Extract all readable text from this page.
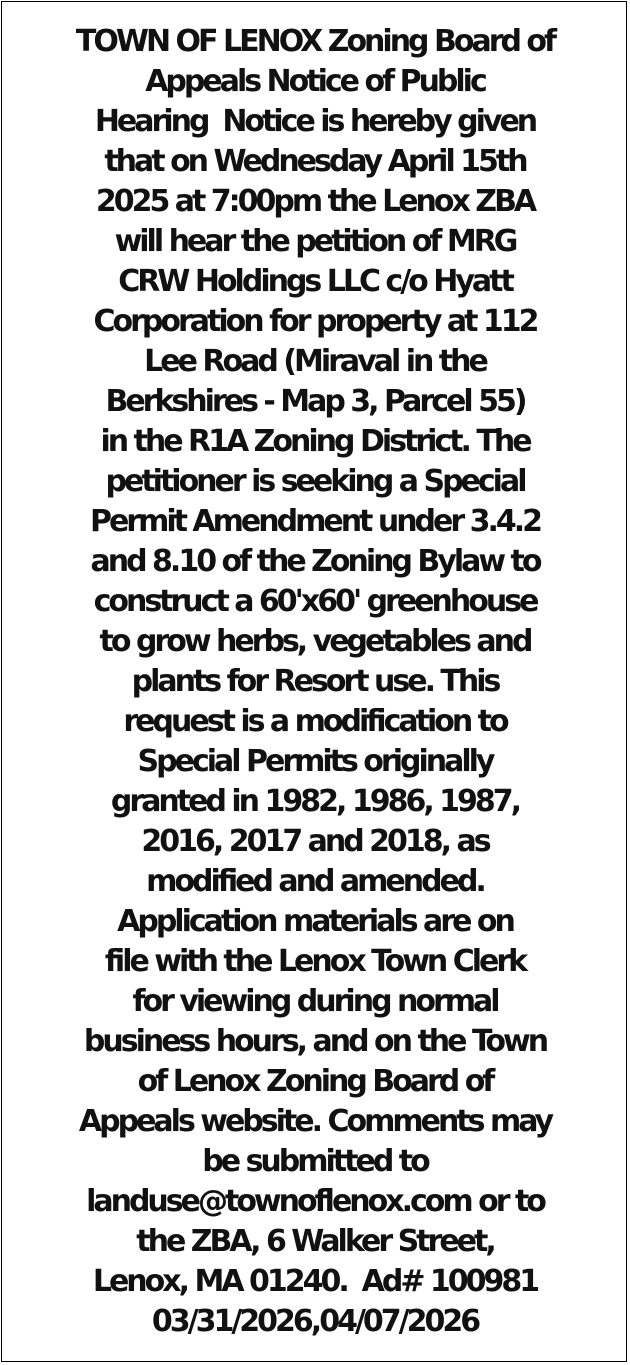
TOWN OF LENOX Zoning Board of
Appeals Notice of Public
Hearing  Notice is hereby given
that on Wednesday April 15th
2025 at 7:00pm the Lenox ZBA
will hear the petition of MRG
CRW Holdings LLC c/o Hyatt
Corporation for property at 112
Lee Road (Miraval in the
Berkshires - Map 3, Parcel 55)
in the R1A Zoning District. The
petitioner is seeking a Special
Permit Amendment under 3.4.2
and 8.10 of the Zoning Bylaw to
construct a 60'x60' greenhouse
to grow herbs, vegetables and
plants for Resort use. This
request is a modification to
Special Permits originally
granted in 1982, 1986, 1987,
2016, 2017 and 2018, as
modified and amended.
Application materials are on
file with the Lenox Town Clerk
for viewing during normal
business hours, and on the Town
of Lenox Zoning Board of
Appeals website. Comments may
be submitted to
landuse@townoflenox.com or to
the ZBA, 6 Walker Street,
Lenox, MA 01240.  Ad# 100981
03/31/2026,04/07/2026
